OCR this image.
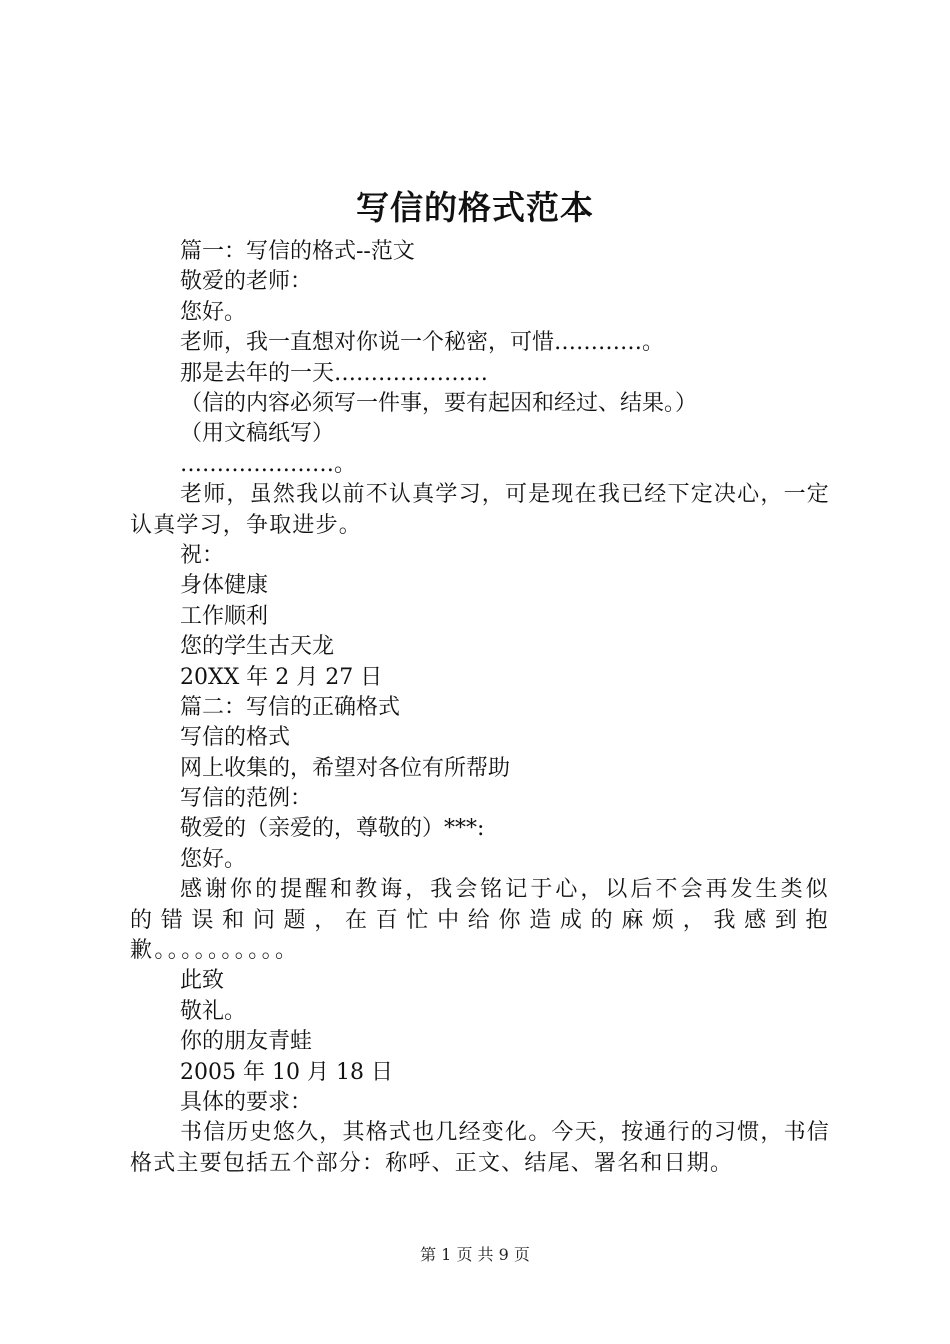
写信的格式范本
篇一：写信的格式--范文
敬爱的老师：
您好。
老师，我一直想对你说一个秘密，可惜…………。
那是去年的一天…………………
（信的内容必须写一件事，要有起因和经过、结果。）
（用文稿纸写）
…………………。
老师，虽然我以前不认真学习，可是现在我已经下定决心，一定认真学习，争取进步。
祝：
身体健康
工作顺利
您的学生古天龙
20XX 年 2 月 27 日
篇二：写信的正确格式
写信的格式
网上收集的，希望对各位有所帮助
写信的范例：
敬爱的（亲爱的，尊敬的）***:
您好。
感谢你的提醒和教诲，我会铭记于心，以后不会再发生类似的错误和问题，在百忙中给你造成的麻烦，我感到抱歉。。。。。。。。。。
此致
敬礼。
你的朋友青蛙
2005 年 10 月 18 日
具体的要求：
书信历史悠久，其格式也几经变化。今天，按通行的习惯，书信格式主要包括五个部分：称呼、正文、结尾、署名和日期。
第 1 页 共 9 页
